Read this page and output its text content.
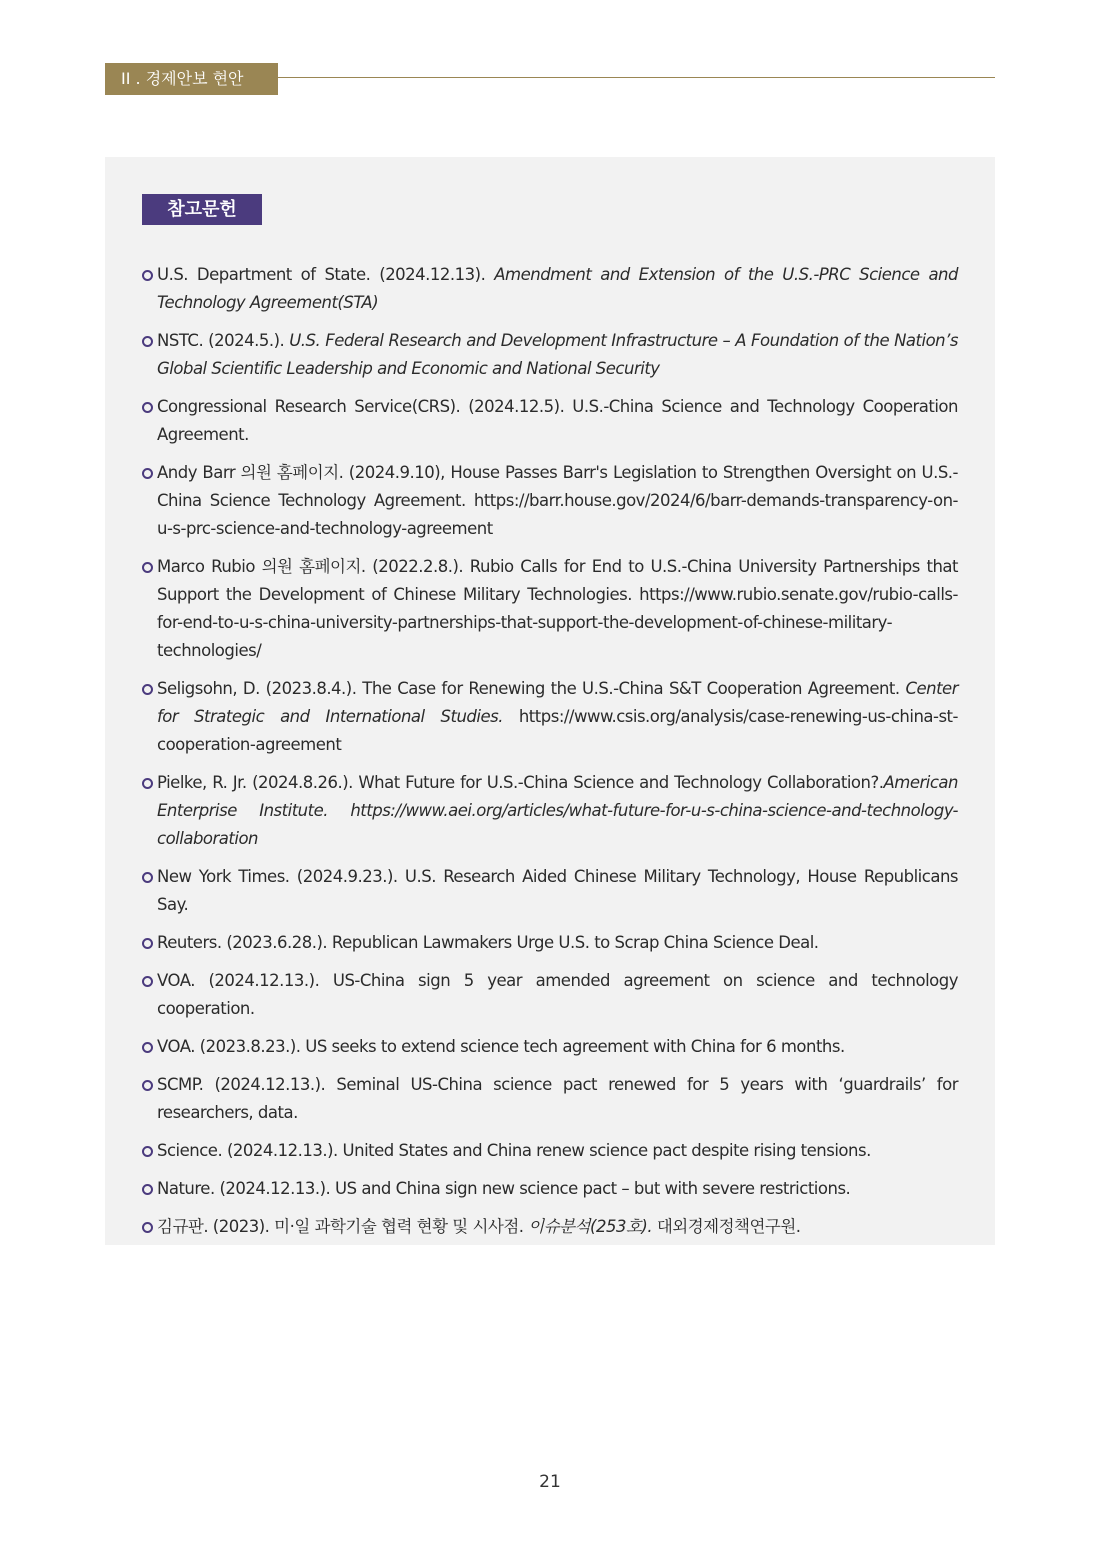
II . 경제안보 현안
참고문헌
U.S. Department of State. (2024.12.13). Amendment and Extension of the U.S.-PRC Science and Technology Agreement(STA)
NSTC. (2024.5.). U.S. Federal Research and Development Infrastructure – A Foundation of the Nation’s Global Scientific Leadership and Economic and National Security
Congressional Research Service(CRS). (2024.12.5). U.S.-China Science and Technology Cooperation Agreement.
Andy Barr 의원 홈페이지. (2024.9.10), House Passes Barr's Legislation to Strengthen Oversight on U.S.-China Science Technology Agreement. https://barr.house.gov/2024/6/barr-demands-transparency-on-u-s-prc-science-and-technology-agreement
Marco Rubio 의원 홈페이지. (2022.2.8.). Rubio Calls for End to U.S.-China University Partnerships that Support the Development of Chinese Military Technologies. https://www.rubio.senate.gov/rubio-calls-for-end-to-u-s-china-university-partnerships-that-support-the-development-of-chinese-military-technologies/
Seligsohn, D. (2023.8.4.). The Case for Renewing the U.S.-China S&T Cooperation Agreement. Center for Strategic and International Studies. https://www.csis.org/analysis/case-renewing-us-china-st-cooperation-agreement
Pielke, R. Jr. (2024.8.26.). What Future for U.S.-China Science and Technology Collaboration?.American Enterprise Institute. https://www.aei.org/articles/what-future-for-u-s-china-science-and-technology-collaboration
New York Times. (2024.9.23.). U.S. Research Aided Chinese Military Technology, House Republicans Say.
Reuters. (2023.6.28.). Republican Lawmakers Urge U.S. to Scrap China Science Deal.
VOA. (2024.12.13.). US-China sign 5 year amended agreement on science and technology cooperation.
VOA. (2023.8.23.). US seeks to extend science tech agreement with China for 6 months.
SCMP. (2024.12.13.). Seminal US-China science pact renewed for 5 years with ‘guardrails’ for researchers, data.
Science. (2024.12.13.). United States and China renew science pact despite rising tensions.
Nature. (2024.12.13.). US and China sign new science pact – but with severe restrictions.
김규판. (2023). 미·일 과학기술 협력 현황 및 시사점. 이슈분석(253호). 대외경제정책연구원.
21
